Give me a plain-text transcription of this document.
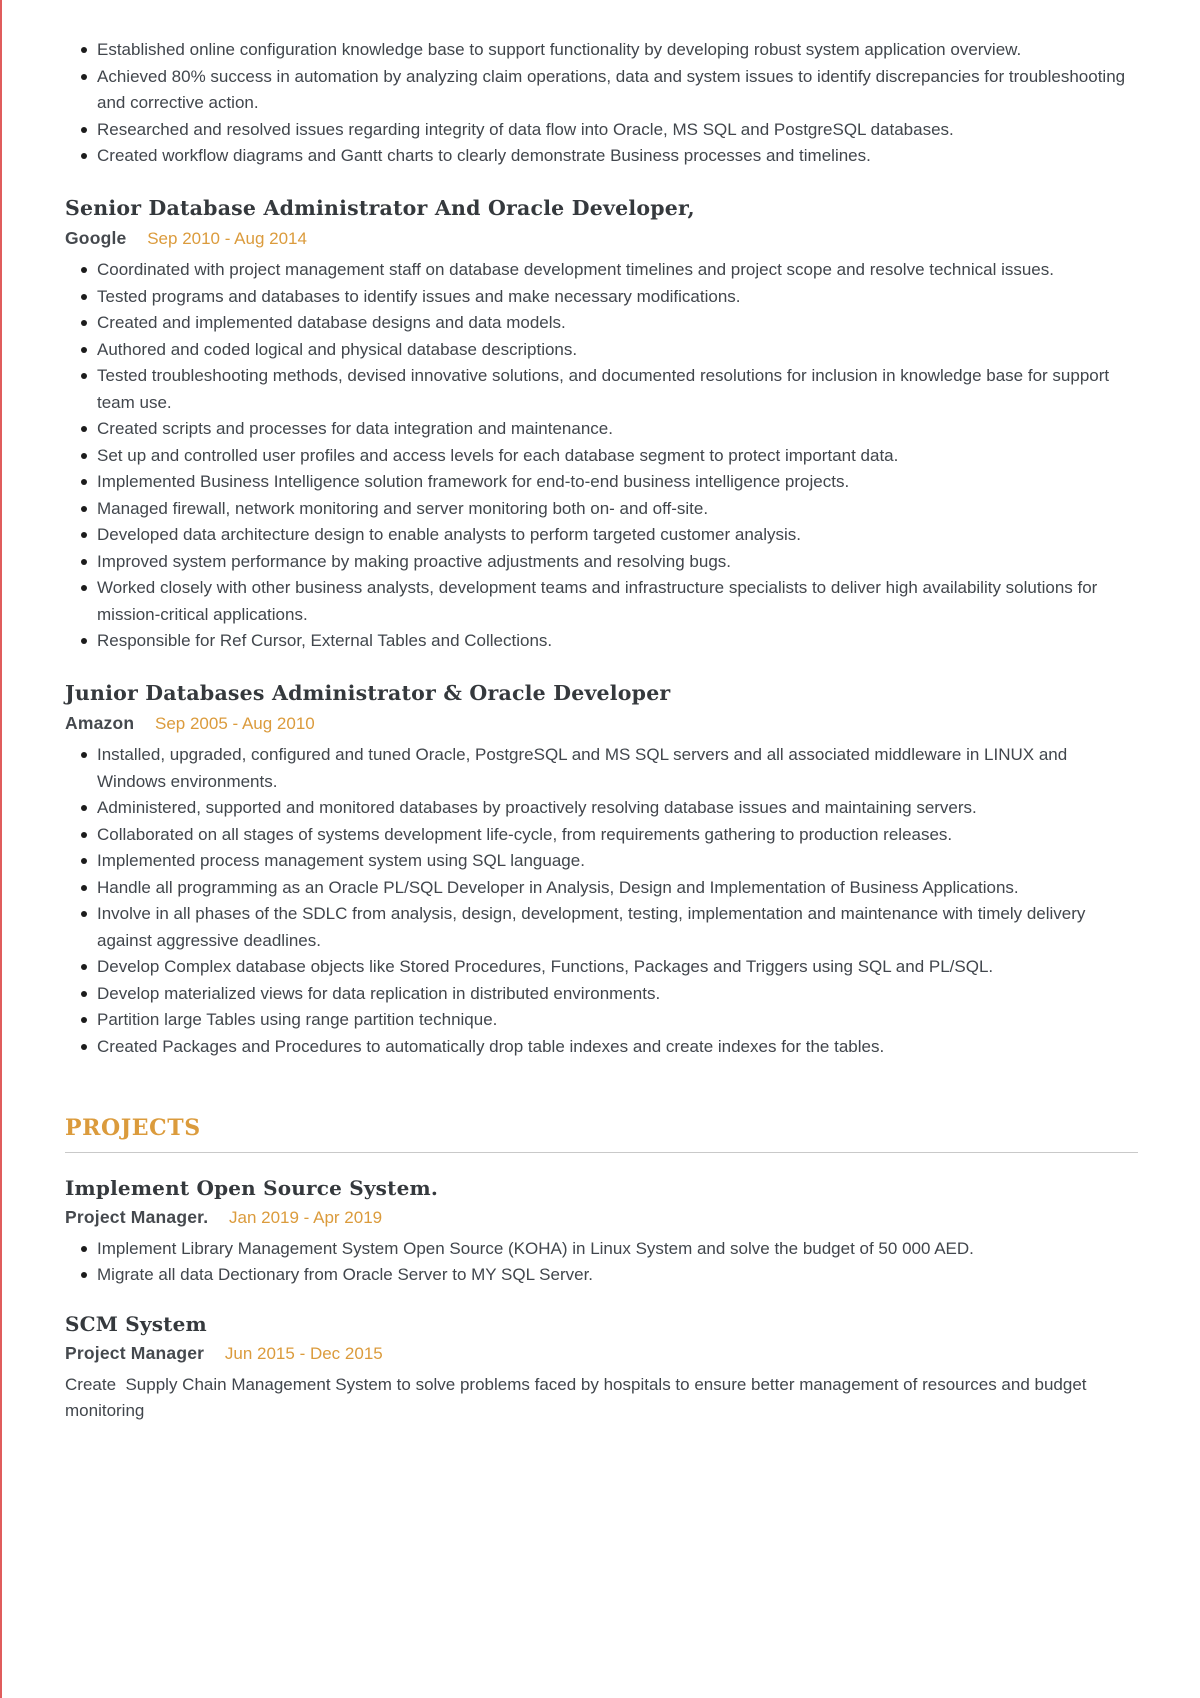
Established online configuration knowledge base to support functionality by developing robust system application overview.
Achieved 80% success in automation by analyzing claim operations, data and system issues to identify discrepancies for troubleshooting and corrective action.
Researched and resolved issues regarding integrity of data flow into Oracle, MS SQL and PostgreSQL databases.
Created workflow diagrams and Gantt charts to clearly demonstrate Business processes and timelines.
Senior Database Administrator And Oracle Developer,

Google Sep 2010 - Aug 2014

Coordinated with project management staff on database development timelines and project scope and resolve technical issues.
Tested programs and databases to identify issues and make necessary modifications.
Created and implemented database designs and data models.
Authored and coded logical and physical database descriptions.
Tested troubleshooting methods, devised innovative solutions, and documented resolutions for inclusion in knowledge base for support team use.
Created scripts and processes for data integration and maintenance.
Set up and controlled user profiles and access levels for each database segment to protect important data.
Implemented Business Intelligence solution framework for end-to-end business intelligence projects.
Managed firewall, network monitoring and server monitoring both on- and off-site.
Developed data architecture design to enable analysts to perform targeted customer analysis.
Improved system performance by making proactive adjustments and resolving bugs.
Worked closely with other business analysts, development teams and infrastructure specialists to deliver high availability solutions for mission-critical applications.
Responsible for Ref Cursor, External Tables and Collections.
Junior Databases Administrator & Oracle Developer

Amazon Sep 2005 - Aug 2010

Installed, upgraded, configured and tuned Oracle, PostgreSQL and MS SQL servers and all associated middleware in LINUX and Windows environments.
Administered, supported and monitored databases by proactively resolving database issues and maintaining servers.
Collaborated on all stages of systems development life-cycle, from requirements gathering to production releases.
Implemented process management system using SQL language.
Handle all programming as an Oracle PL/SQL Developer in Analysis, Design and Implementation of Business Applications.
Involve in all phases of the SDLC from analysis, design, development, testing, implementation and maintenance with timely delivery against aggressive deadlines.
Develop Complex database objects like Stored Procedures, Functions, Packages and Triggers using SQL and PL/SQL.
Develop materialized views for data replication in distributed environments.
Partition large Tables using range partition technique.
Created Packages and Procedures to automatically drop table indexes and create indexes for the tables.
PROJECTS
Implement Open Source System.

Project Manager. Jan 2019 - Apr 2019

Implement Library Management System Open Source (KOHA) in Linux System and solve the budget of 50 000 AED.
Migrate all data Dectionary from Oracle Server to MY SQL Server.
SCM System

Project Manager Jun 2015 - Dec 2015

Create  Supply Chain Management System to solve problems faced by hospitals to ensure better management of resources and budget monitoring
